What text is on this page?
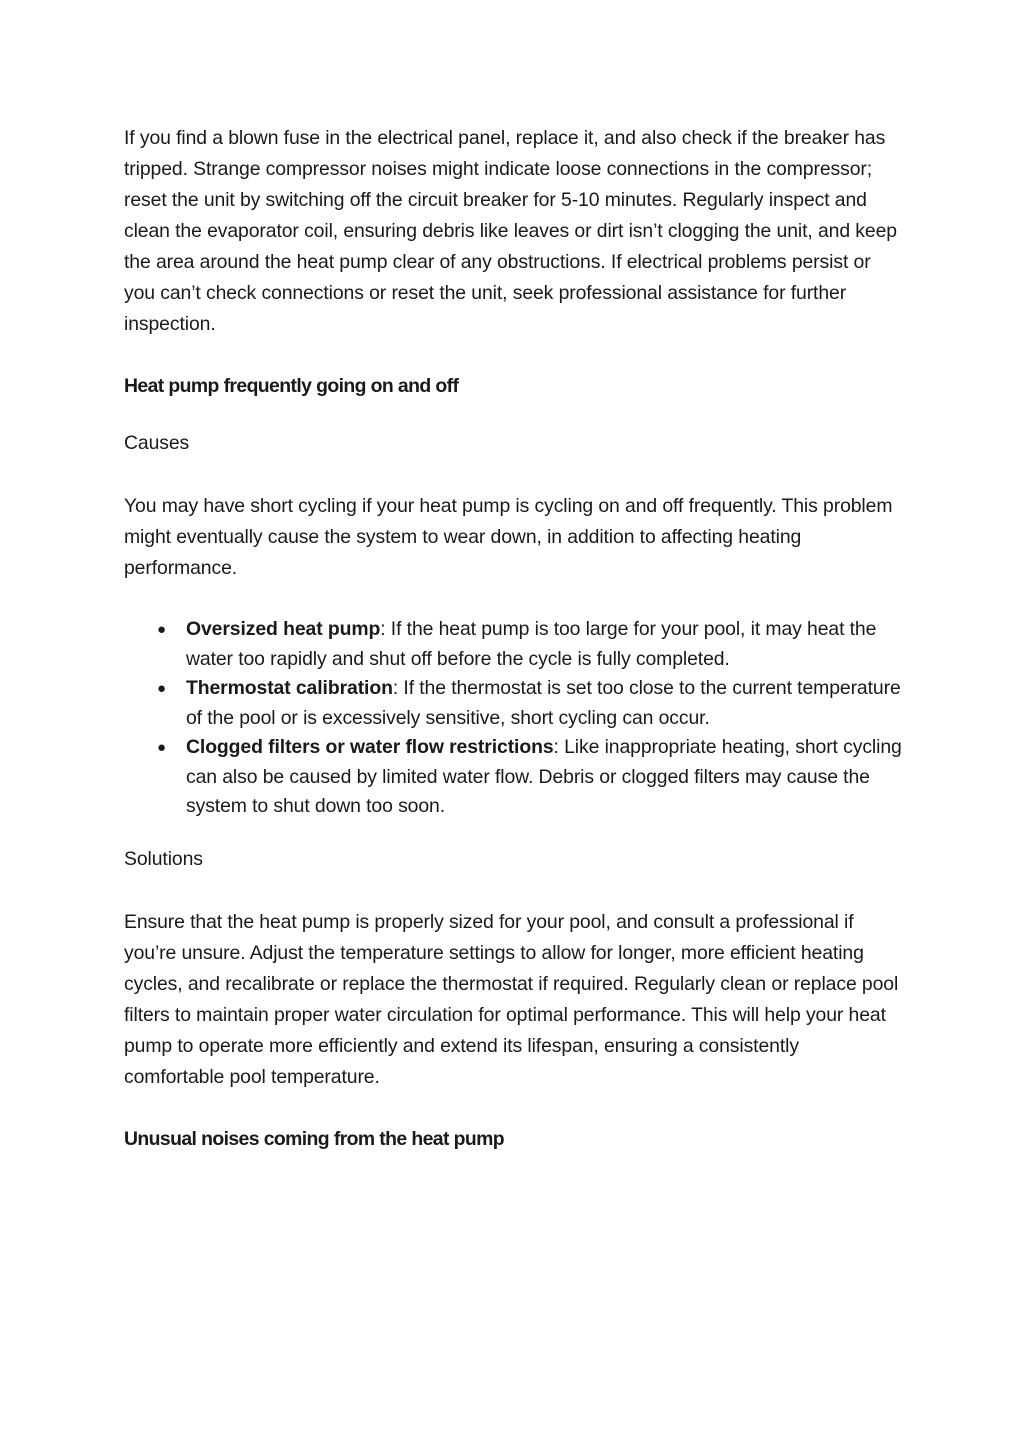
If you find a blown fuse in the electrical panel, replace it, and also check if the breaker has tripped. Strange compressor noises might indicate loose connections in the compressor; reset the unit by switching off the circuit breaker for 5-10 minutes. Regularly inspect and clean the evaporator coil, ensuring debris like leaves or dirt isn’t clogging the unit, and keep the area around the heat pump clear of any obstructions. If electrical problems persist or you can’t check connections or reset the unit, seek professional assistance for further inspection.

Heat pump frequently going on and off

Causes

You may have short cycling if your heat pump is cycling on and off frequently. This problem might eventually cause the system to wear down, in addition to affecting heating performance.

● Oversized heat pump: If the heat pump is too large for your pool, it may heat the water too rapidly and shut off before the cycle is fully completed.
● Thermostat calibration: If the thermostat is set too close to the current temperature of the pool or is excessively sensitive, short cycling can occur.
● Clogged filters or water flow restrictions: Like inappropriate heating, short cycling can also be caused by limited water flow. Debris or clogged filters may cause the system to shut down too soon.

Solutions

Ensure that the heat pump is properly sized for your pool, and consult a professional if you’re unsure. Adjust the temperature settings to allow for longer, more efficient heating cycles, and recalibrate or replace the thermostat if required. Regularly clean or replace pool filters to maintain proper water circulation for optimal performance. This will help your heat pump to operate more efficiently and extend its lifespan, ensuring a consistently comfortable pool temperature.

Unusual noises coming from the heat pump
